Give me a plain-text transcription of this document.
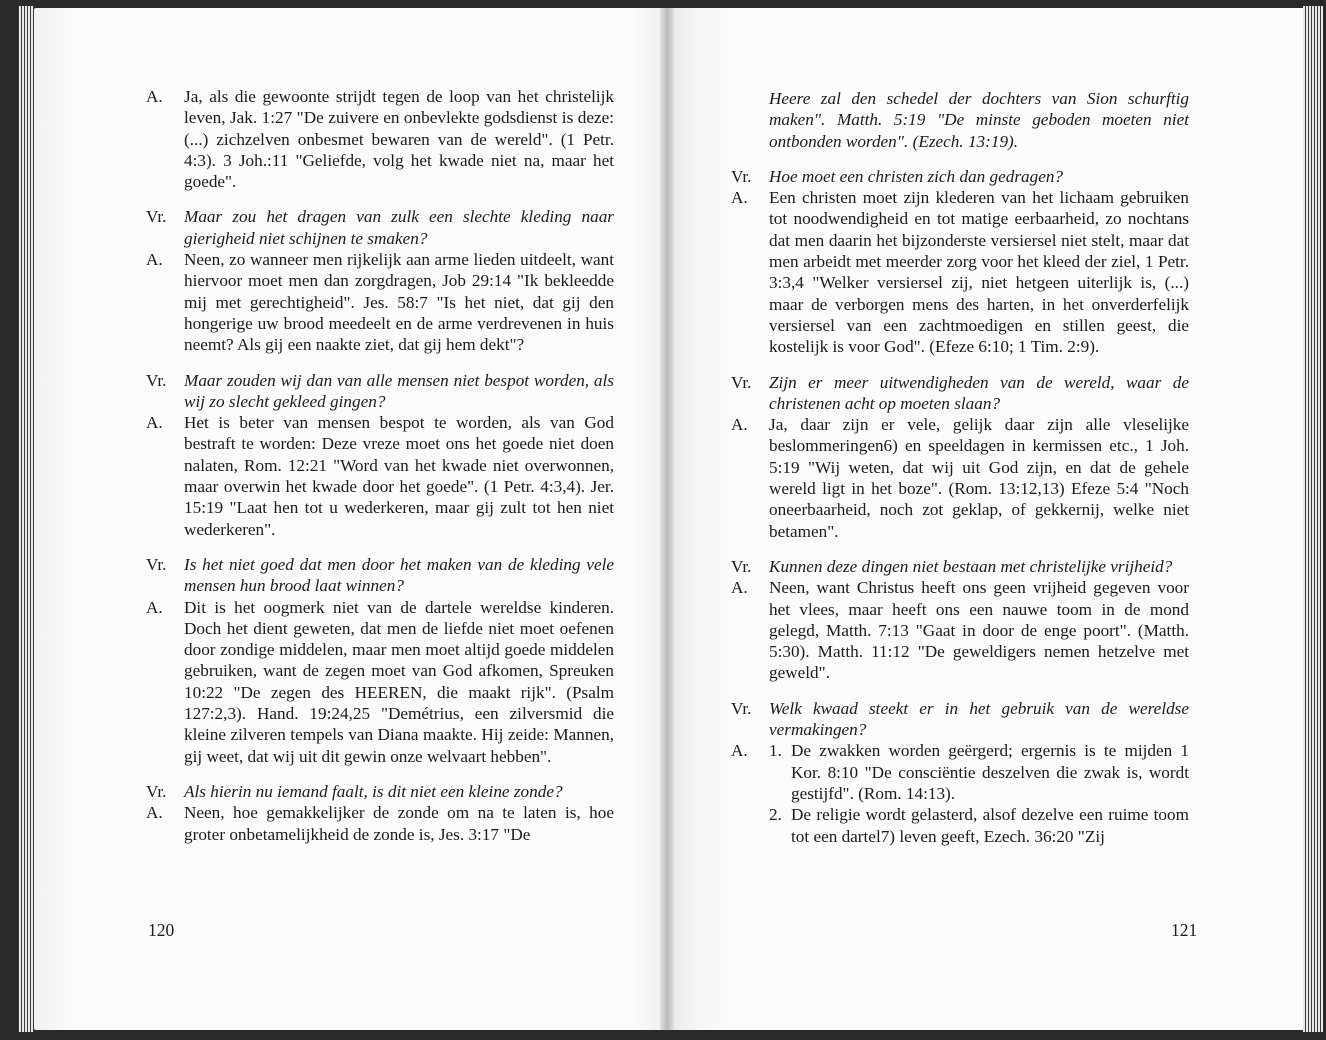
A.	Ja, als die gewoonte strijdt tegen de loop van het christelijk leven, Jak. 1:27 "De zuivere en onbevlekte godsdienst is deze: (...) zichzelven onbesmet bewaren van de wereld". (1 Petr. 4:3). 3 Joh.:11 "Geliefde, volg het kwade niet na, maar het goede".
Vr.	Maar zou het dragen van zulk een slechte kleding naar gierigheid niet schijnen te smaken?
A.	Neen, zo wanneer men rijkelijk aan arme lieden uitdeelt, want hiervoor moet men dan zorgdragen, Job 29:14 "Ik bekleedde mij met gerechtigheid". Jes. 58:7 "Is het niet, dat gij den hongerige uw brood meedeelt en de arme verdrevenen in huis neemt? Als gij een naakte ziet, dat gij hem dekt"?
Vr.	Maar zouden wij dan van alle mensen niet bespot worden, als wij zo slecht gekleed gingen?
A.	Het is beter van mensen bespot te worden, als van God bestraft te worden: Deze vreze moet ons het goede niet doen nalaten, Rom. 12:21 "Word van het kwade niet overwonnen, maar overwin het kwade door het goede". (1 Petr. 4:3,4). Jer. 15:19 "Laat hen tot u wederkeren, maar gij zult tot hen niet wederkeren".
Vr.	Is het niet goed dat men door het maken van de kleding vele mensen hun brood laat winnen?
A.	Dit is het oogmerk niet van de dartele wereldse kinderen. Doch het dient geweten, dat men de liefde niet moet oefenen door zondige middelen, maar men moet altijd goede middelen gebruiken, want de zegen moet van God afkomen, Spreuken 10:22 "De zegen des HEEREN, die maakt rijk". (Psalm 127:2,3). Hand. 19:24,25 "Demétrius, een zilversmid die kleine zilveren tempels van Diana maakte. Hij zeide: Mannen, gij weet, dat wij uit dit gewin onze welvaart hebben".
Vr.	Als hierin nu iemand faalt, is dit niet een kleine zonde?
A.	Neen, hoe gemakkelijker de zonde om na te laten is, hoe groter onbetamelijkheid de zonde is, Jes. 3:17 "De
120
Heere zal den schedel der dochters van Sion schurftig maken". Matth. 5:19 "De minste geboden moeten niet ontbonden worden". (Ezech. 13:19).
Vr.	Hoe moet een christen zich dan gedragen?
A.	Een christen moet zijn klederen van het lichaam gebruiken tot noodwendigheid en tot matige eerbaarheid, zo nochtans dat men daarin het bijzonderste versiersel niet stelt, maar dat men arbeidt met meerder zorg voor het kleed der ziel, 1 Petr. 3:3,4 "Welker versiersel zij, niet hetgeen uiterlijk is, (...) maar de verborgen mens des harten, in het onverderfelijk versiersel van een zachtmoedigen en stillen geest, die kostelijk is voor God". (Efeze 6:10; 1 Tim. 2:9).
Vr.	Zijn er meer uitwendigheden van de wereld, waar de christenen acht op moeten slaan?
A.	Ja, daar zijn er vele, gelijk daar zijn alle vleselijke beslommeringen6) en speeldagen in kermissen etc., 1 Joh. 5:19 "Wij weten, dat wij uit God zijn, en dat de gehele wereld ligt in het boze". (Rom. 13:12,13) Efeze 5:4 "Noch oneerbaarheid, noch zot geklap, of gekkernij, welke niet betamen".
Vr.	Kunnen deze dingen niet bestaan met christelijke vrijheid?
A.	Neen, want Christus heeft ons geen vrijheid gegeven voor het vlees, maar heeft ons een nauwe toom in de mond gelegd, Matth. 7:13 "Gaat in door de enge poort". (Matth. 5:30). Matth. 11:12 "De geweldigers nemen hetzelve met geweld".
Vr.	Welk kwaad steekt er in het gebruik van de wereldse vermakingen?
A.	1. De zwakken worden geërgerd; ergernis is te mijden 1 Kor. 8:10 "De consciëntie deszelven die zwak is, wordt gestijfd". (Rom. 14:13).
2. De religie wordt gelasterd, alsof dezelve een ruime toom tot een dartel7) leven geeft, Ezech. 36:20 "Zij
121
